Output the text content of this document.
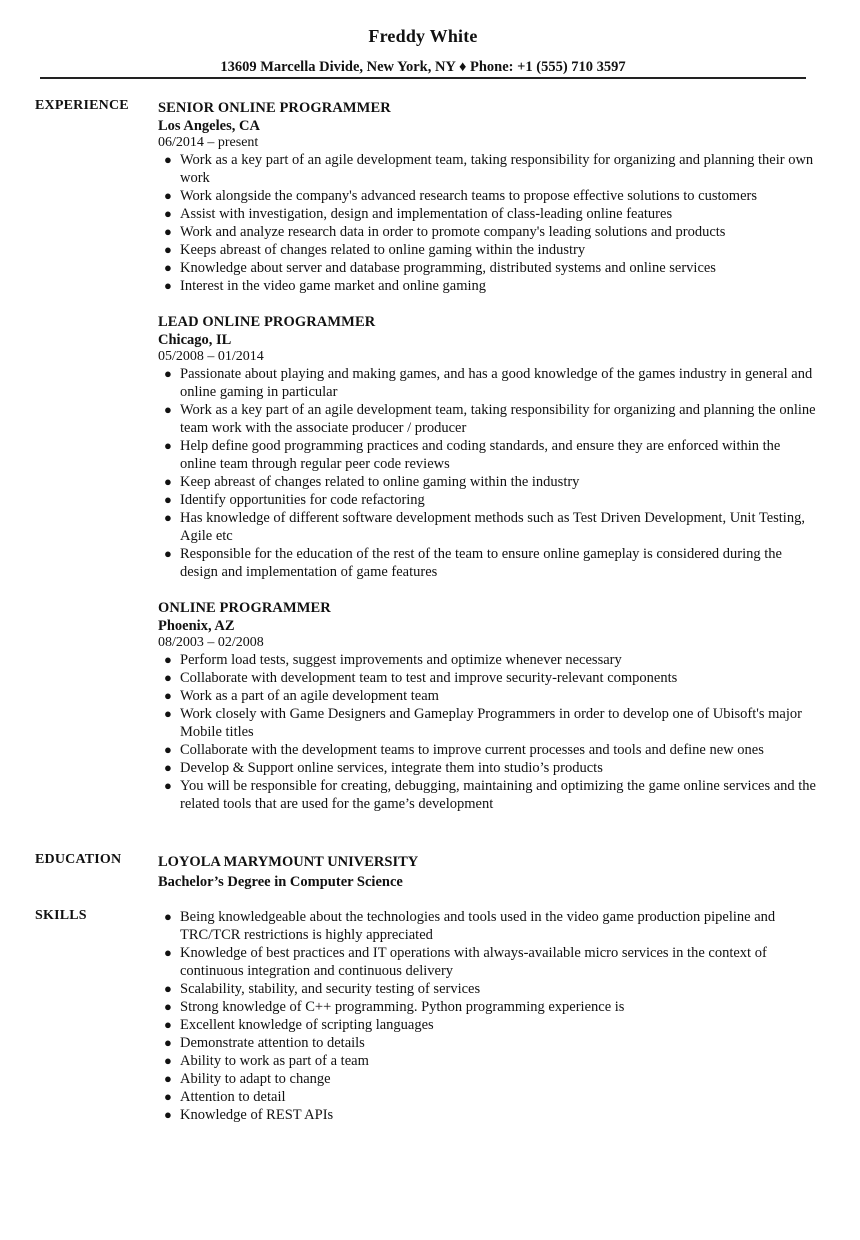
Freddy White
13609 Marcella Divide, New York, NY ♦ Phone: +1 (555) 710 3597
EXPERIENCE SENIOR ONLINE PROGRAMMER
Los Angeles, CA
06/2014 – present
● Work as a key part of an agile development team, taking responsibility for organizing and planning their own work
● Work alongside the company's advanced research teams to propose effective solutions to customers
● Assist with investigation, design and implementation of class-leading online features
● Work and analyze research data in order to promote company's leading solutions and products
● Keeps abreast of changes related to online gaming within the industry
● Knowledge about server and database programming, distributed systems and online services
● Interest in the video game market and online gaming
LEAD ONLINE PROGRAMMER
Chicago, IL
05/2008 – 01/2014
● Passionate about playing and making games, and has a good knowledge of the games industry in general and online gaming in particular
● Work as a key part of an agile development team, taking responsibility for organizing and planning the online team work with the associate producer / producer
● Help define good programming practices and coding standards, and ensure they are enforced within the online team through regular peer code reviews
● Keep abreast of changes related to online gaming within the industry
● Identify opportunities for code refactoring
● Has knowledge of different software development methods such as Test Driven Development, Unit Testing, Agile etc
● Responsible for the education of the rest of the team to ensure online gameplay is considered during the design and implementation of game features
ONLINE PROGRAMMER
Phoenix, AZ
08/2003 – 02/2008
● Perform load tests, suggest improvements and optimize whenever necessary
● Collaborate with development team to test and improve security-relevant components
● Work as a part of an agile development team
● Work closely with Game Designers and Gameplay Programmers in order to develop one of Ubisoft's major Mobile titles
● Collaborate with the development teams to improve current processes and tools and define new ones
● Develop & Support online services, integrate them into studio’s products
● You will be responsible for creating, debugging, maintaining and optimizing the game online services and the related tools that are used for the game’s development
EDUCATION	LOYOLA MARYMOUNT UNIVERSITY
Bachelor’s Degree in Computer Science
SKILLS	● Being knowledgeable about the technologies and tools used in the video game production pipeline and TRC/TCR restrictions is highly appreciated
● Knowledge of best practices and IT operations with always-available micro services in the context of continuous integration and continuous delivery
● Scalability, stability, and security testing of services
● Strong knowledge of C++ programming. Python programming experience is
● Excellent knowledge of scripting languages
● Demonstrate attention to details
● Ability to work as part of a team
● Ability to adapt to change
● Attention to detail
● Knowledge of REST APIs
